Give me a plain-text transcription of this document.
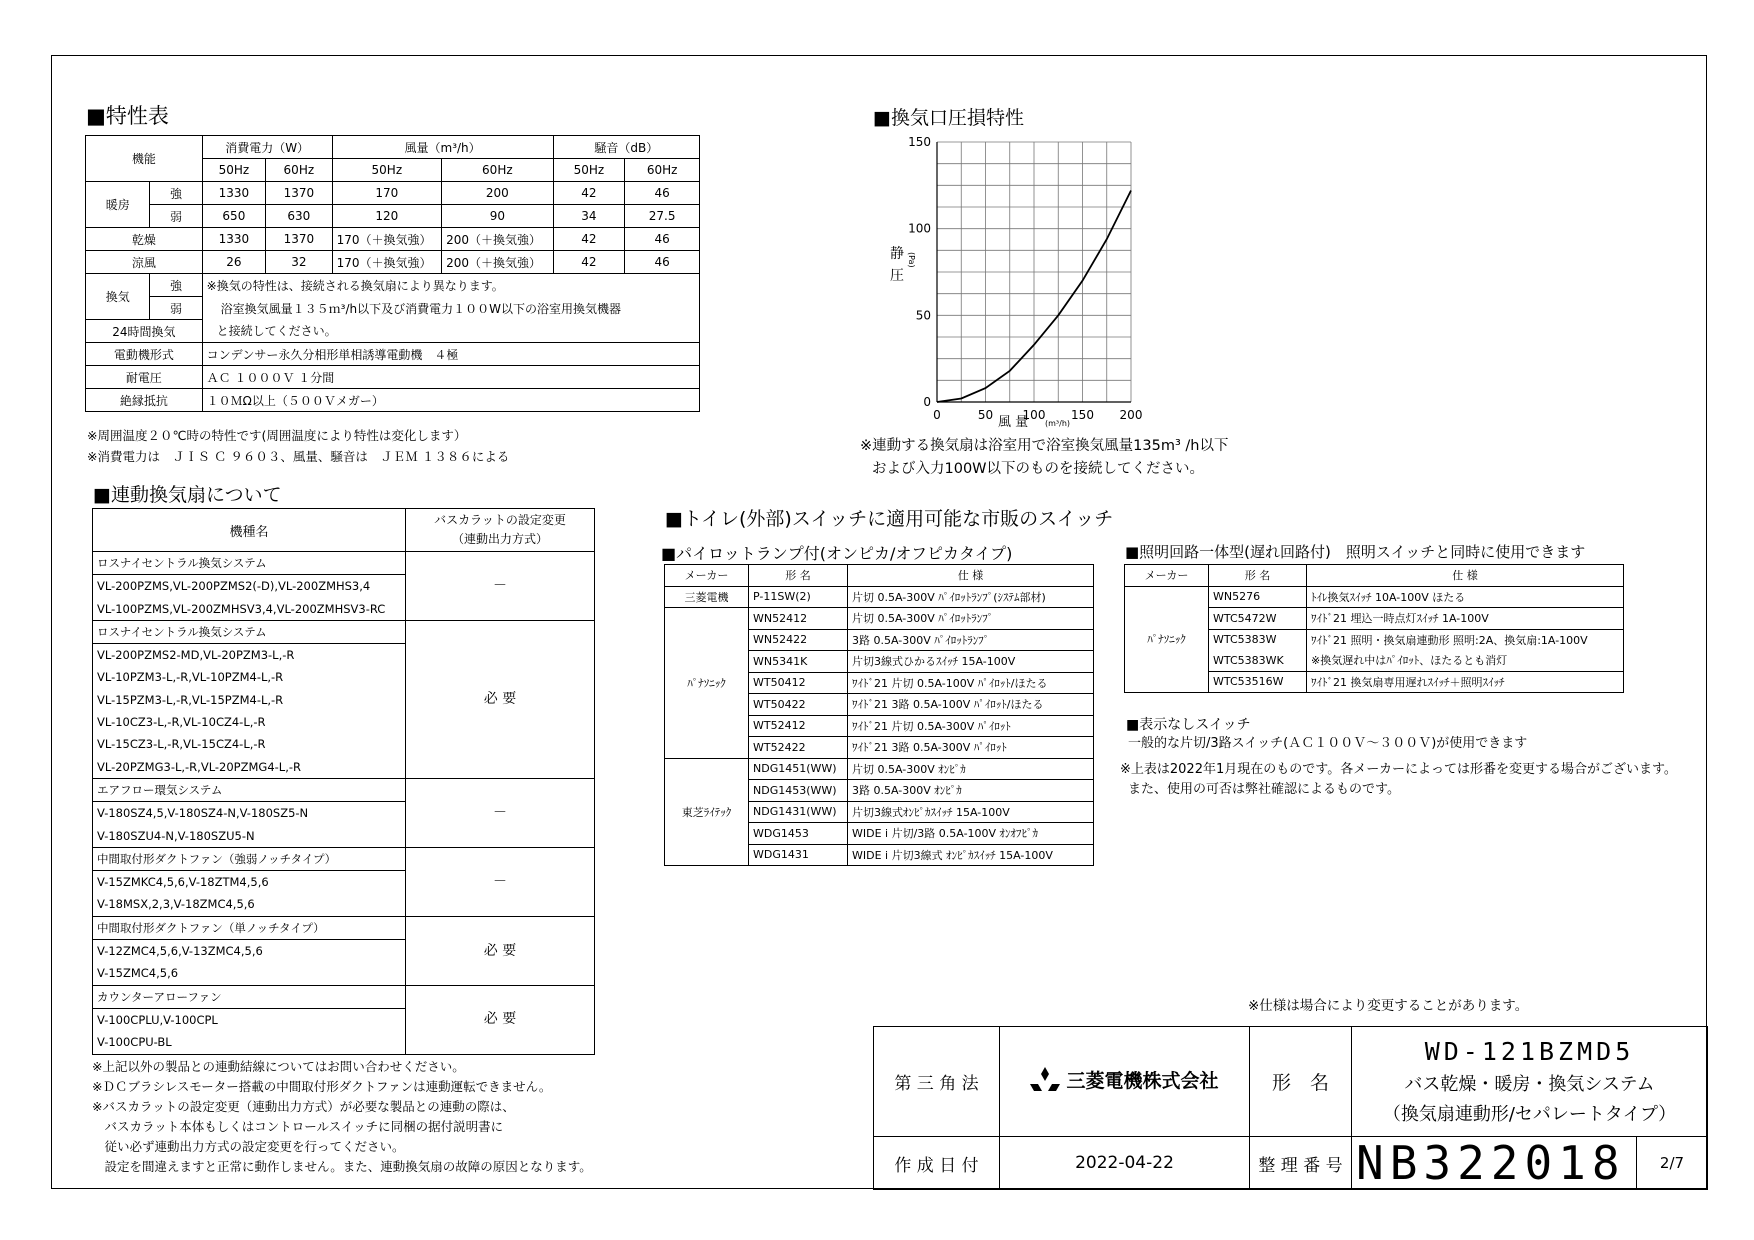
■特性表
機能		消費電力（W）		風量（m³/h）		騒音（dB）	
		50Hz	60Hz	50Hz	60Hz	50Hz	60Hz
暖房	強	1330	1370	170	200	42	46
	弱	650	630	120	90	34	27.5
乾燥		1330	1370	170（＋換気強）	200（＋換気強）	42	46
涼風		26	32	170（＋換気強）	200（＋換気強）	42	46
換気	強	※換気の特性は、接続される換気扇により異なります。					
	弱	浴室換気風量１３５ｍ³/h以下及び消費電力１００W以下の浴室用換気機器					
24時間換気		と接続してください。					
電動機形式		コンデンサー永久分相形単相誘導電動機　４極					
耐電圧		ＡＣ １０００Ｖ １分間					
絶縁抵抗		１０ＭΩ以上（５００Ｖメガー）					
※周囲温度２０℃時の特性です(周囲温度により特性は変化します）
※消費電力は　ＪＩＳ Ｃ ９６０３、風量、騒音は　ＪＥＭ １３８６による
■換気口圧損特性
150
100
50
0
0	50 100 150 200
静
圧
(Pa)
風 量 (m³/h)
※連動する換気扇は浴室用で浴室換気風量135m³ /h以下
および入力100W以下のものを接続してください。
■連動換気扇について
機種名	バスカラットの設定変更
（連動出力方式）

ロスナイセントラル換気システム	－
VL-200PZMS,VL-200PZMS2(-D),VL-200ZMHS3,4	
VL-100PZMS,VL-200ZMHSV3,4,VL-200ZMHSV3-RC	
ロスナイセントラル換気システム	必 要
VL-200PZMS2-MD,VL-20PZM3-L,-R	
VL-10PZM3-L,-R,VL-10PZM4-L,-R	
VL-15PZM3-L,-R,VL-15PZM4-L,-R	
VL-10CZ3-L,-R,VL-10CZ4-L,-R	
VL-15CZ3-L,-R,VL-15CZ4-L,-R	
VL-20PZMG3-L,-R,VL-20PZMG4-L,-R	
エアフロー環気システム	－
V-180SZ4,5,V-180SZ4-N,V-180SZ5-N	
V-180SZU4-N,V-180SZU5-N	
中間取付形ダクトファン（強弱ノッチタイプ）	－
V-15ZMKC4,5,6,V-18ZTM4,5,6	
V-18MSX,2,3,V-18ZMC4,5,6	
中間取付形ダクトファン（単ノッチタイプ）	必 要
V-12ZMC4,5,6,V-13ZMC4,5,6	
V-15ZMC4,5,6	
カウンターアローファン	必 要
V-100CPLU,V-100CPL	
V-100CPU-BL	
※上記以外の製品との連動結線についてはお問い合わせください。
※ＤＣブラシレスモーター搭載の中間取付形ダクトファンは連動運転できません。
※バスカラットの設定変更（連動出力方式）が必要な製品との連動の際は、
　バスカラット本体もしくはコントロールスイッチに同梱の据付説明書に
　従い必ず連動出力方式の設定変更を行ってください。
　設定を間違えますと正常に動作しません。また、連動換気扇の故障の原因となります。
■トイレ(外部)スイッチに適用可能な市販のスイッチ
■パイロットランプ付(オンピカ/オフピカタイプ)
メーカー	形 名	仕 様
三菱電機	P-11SW(2)	片切 0.5A-300V ﾊﾟｲﾛｯﾄﾗﾝﾌﾟ(ｼｽﾃﾑ部材)
ﾊﾟﾅｿﾆｯｸ	WN52412	片切 0.5A-300V ﾊﾟｲﾛｯﾄﾗﾝﾌﾟ
	WN52422	3路 0.5A-300V ﾊﾟｲﾛｯﾄﾗﾝﾌﾟ
	WN5341K	片切3線式ひかるｽｲｯﾁ 15A-100V
	WT50412	ﾜｲﾄﾞ21 片切 0.5A-100V ﾊﾟｲﾛｯﾄ/ほたる
	WT50422	ﾜｲﾄﾞ21 3路 0.5A-100V ﾊﾟｲﾛｯﾄ/ほたる
	WT52412	ﾜｲﾄﾞ21 片切 0.5A-300V ﾊﾟｲﾛｯﾄ
	WT52422	ﾜｲﾄﾞ21 3路 0.5A-300V ﾊﾟｲﾛｯﾄ
東芝ﾗｲﾃｯｸ	NDG1451(WW)	片切 0.5A-300V ｵﾝﾋﾟｶ
	NDG1453(WW)	3路 0.5A-300V ｵﾝﾋﾟｶ
	NDG1431(WW)	片切3線式ｵﾝﾋﾟｶｽｲｯﾁ 15A-100V
	WDG1453	WIDE i 片切/3路 0.5A-100V ｵﾝｵﾌﾋﾟｶ
	WDG1431	WIDE i 片切3線式 ｵﾝﾋﾟｶｽｲｯﾁ 15A-100V
■照明回路一体型(遅れ回路付)　照明スイッチと同時に使用できます
メーカー	形 名	仕 様
ﾊﾟﾅｿﾆｯｸ	WN5276	ﾄｲﾚ換気ｽｲｯﾁ 10A-100V ほたる
	WTC5472W	ﾜｲﾄﾞ21 埋込一時点灯ｽｲｯﾁ 1A-100V
	WTC5383W	ﾜｲﾄﾞ21 照明・換気扇連動形 照明:2A、換気扇:1A-100V
	WTC5383WK	※換気遅れ中はﾊﾟｲﾛｯﾄ、ほたるとも消灯
	WTC53516W	ﾜｲﾄﾞ21 換気扇専用遅れｽｲｯﾁ＋照明ｽｲｯﾁ
■表示なしスイッチ
一般的な片切/3路スイッチ(ＡＣ１００Ｖ～３００Ｖ)が使用できます
※上表は2022年1月現在のものです。各メーカーによっては形番を変更する場合がございます。
また、使用の可否は弊社確認によるものです。
※仕様は場合により変更することがあります。
第 三 角 法	三菱電機株式会社	形　名	WD-121BZMD5
バス乾燥・暖房・換気システム
（換気扇連動形/セパレートタイプ）	

作 成 日 付	2022-04-22	整 理 番 号	NB322018	2/7
